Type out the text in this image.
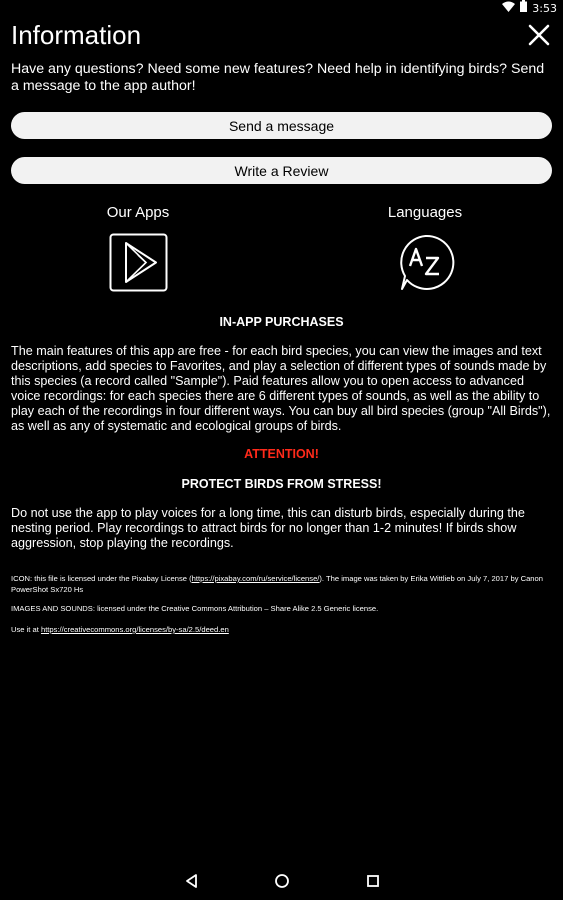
3:53
Information

Have any questions? Need some new features? Need help in identifying birds? Send a message to the app author!

Send a message
Write a Review
Our Apps	Languages
IN-APP PURCHASES

The main features of this app are free - for each bird species, you can view the images and text descriptions, add species to Favorites, and play a selection of different types of sounds made by this species (a record called "Sample"). Paid features allow you to open access to advanced voice recordings: for each species there are 6 different types of sounds, as well as the ability to play each of the recordings in four different ways. You can buy all bird species (group "All Birds"), as well as any of systematic and ecological groups of birds.

ATTENTION!
PROTECT BIRDS FROM STRESS!

Do not use the app to play voices for a long time, this can disturb birds, especially during the nesting period. Play recordings to attract birds for no longer than 1-2 minutes! If birds show aggression, stop playing the recordings.

ICON: this file is licensed under the Pixabay License (https://pixabay.com/ru/service/license/). The image was taken by Erika Wittlieb on July 7, 2017 by Canon PowerShot Sx720 Hs

IMAGES AND SOUNDS: licensed under the Creative Commons Attribution – Share Alike 2.5 Generic license.

Use it at https://creativecommons.org/licenses/by-sa/2.5/deed.en
